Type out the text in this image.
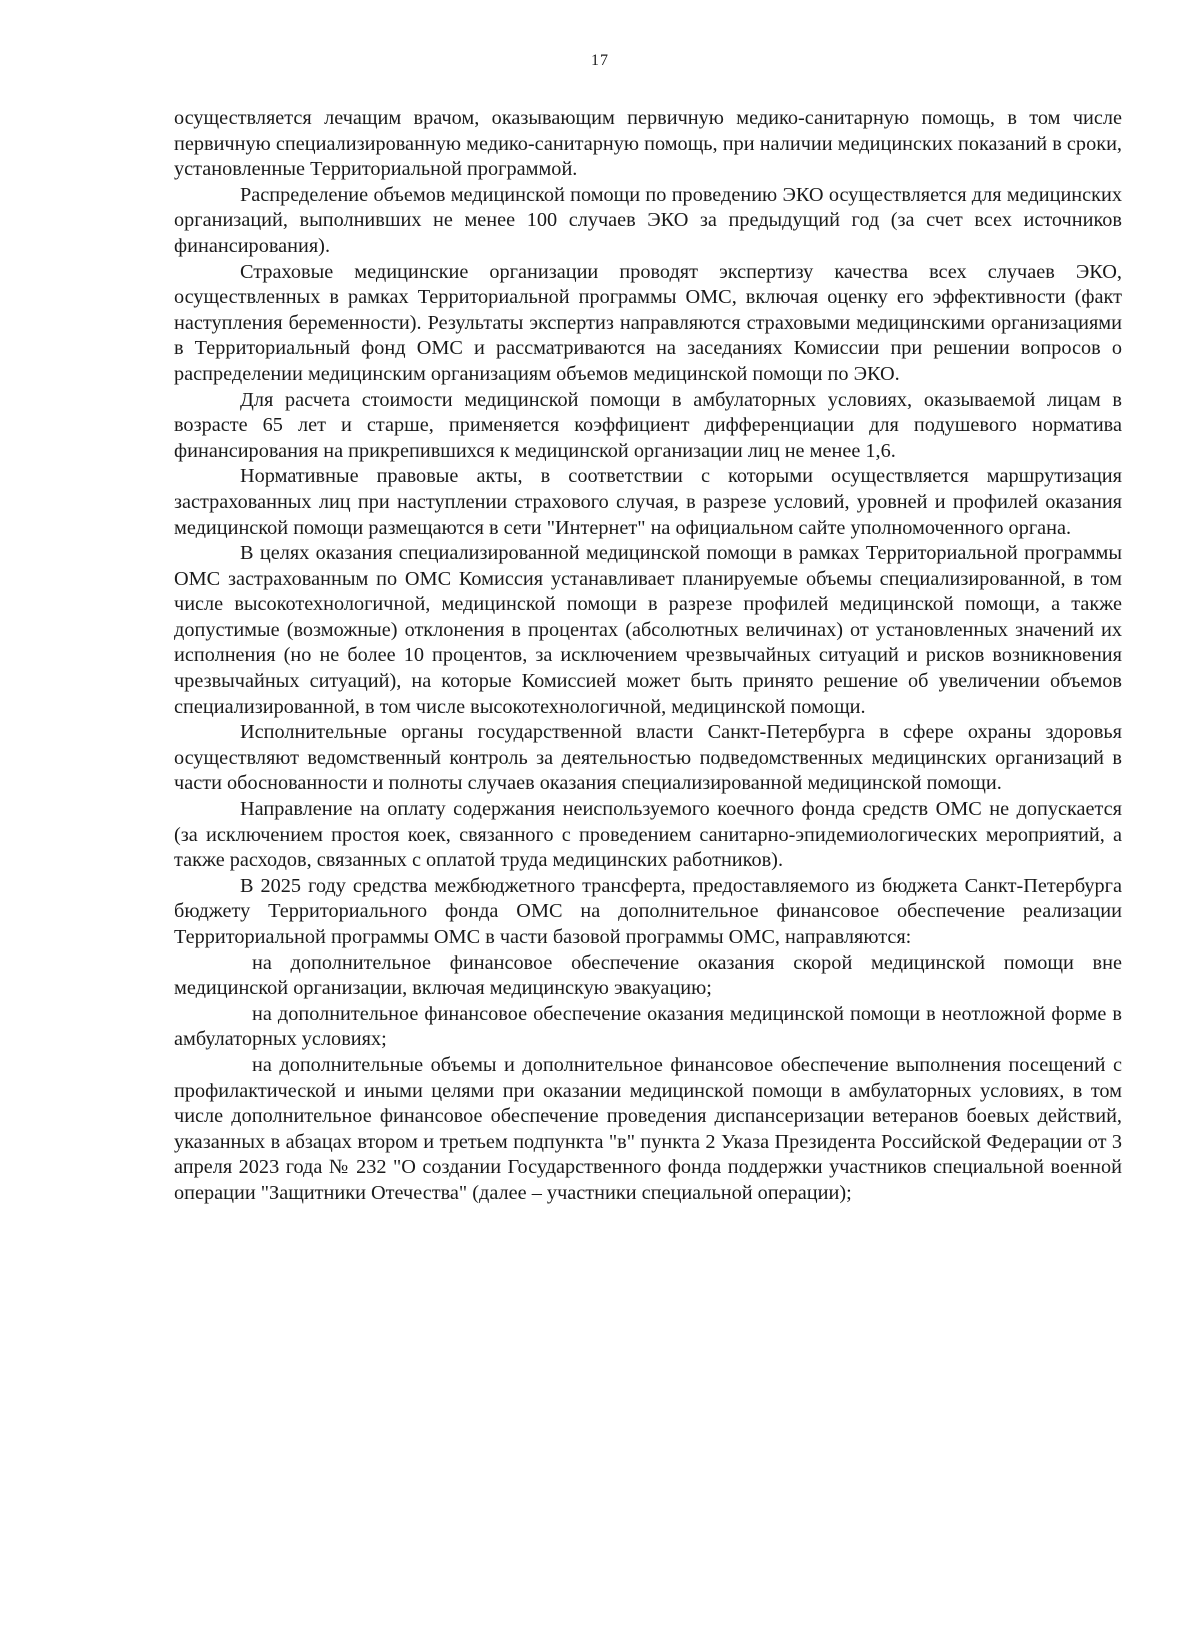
17

осуществляется лечащим врачом, оказывающим первичную медико-санитарную помощь, в том числе первичную специализированную медико-санитарную помощь, при наличии медицинских показаний в сроки, установленные Территориальной программой.

Распределение объемов медицинской помощи по проведению ЭКО осуществляется для медицинских организаций, выполнивших не менее 100 случаев ЭКО за предыдущий год (за счет всех источников финансирования).

Страховые медицинские организации проводят экспертизу качества всех случаев ЭКО, осуществленных в рамках Территориальной программы ОМС, включая оценку его эффективности (факт наступления беременности). Результаты экспертиз направляются страховыми медицинскими организациями в Территориальный фонд ОМС и рассматриваются на заседаниях Комиссии при решении вопросов о распределении медицинским организациям объемов медицинской помощи по ЭКО.

Для расчета стоимости медицинской помощи в амбулаторных условиях, оказываемой лицам в возрасте 65 лет и старше, применяется коэффициент дифференциации для подушевого норматива финансирования на прикрепившихся к медицинской организации лиц не менее 1,6.

Нормативные правовые акты, в соответствии с которыми осуществляется маршрутизация застрахованных лиц при наступлении страхового случая, в разрезе условий, уровней и профилей оказания медицинской помощи размещаются в сети "Интернет" на официальном сайте уполномоченного органа.

В целях оказания специализированной медицинской помощи в рамках Территориальной программы ОМС застрахованным по ОМС Комиссия устанавливает планируемые объемы специализированной, в том числе высокотехнологичной, медицинской помощи в разрезе профилей медицинской помощи, а также допустимые (возможные) отклонения в процентах (абсолютных величинах) от установленных значений их исполнения (но не более 10 процентов, за исключением чрезвычайных ситуаций и рисков возникновения чрезвычайных ситуаций), на которые Комиссией может быть принято решение об увеличении объемов специализированной, в том числе высокотехнологичной, медицинской помощи.

Исполнительные органы государственной власти Санкт-Петербурга в сфере охраны здоровья осуществляют ведомственный контроль за деятельностью подведомственных медицинских организаций в части обоснованности и полноты случаев оказания специализированной медицинской помощи.

Направление на оплату содержания неиспользуемого коечного фонда средств ОМС не допускается (за исключением простоя коек, связанного с проведением санитарно-эпидемиологических мероприятий, а также расходов, связанных с оплатой труда медицинских работников).

В 2025 году средства межбюджетного трансферта, предоставляемого из бюджета Санкт-Петербурга бюджету Территориального фонда ОМС на дополнительное финансовое обеспечение реализации Территориальной программы ОМС в части базовой программы ОМС, направляются:

на дополнительное финансовое обеспечение оказания скорой медицинской помощи вне медицинской организации, включая медицинскую эвакуацию;

на дополнительное финансовое обеспечение оказания медицинской помощи в неотложной форме в амбулаторных условиях;

на дополнительные объемы и дополнительное финансовое обеспечение выполнения посещений с профилактической и иными целями при оказании медицинской помощи в амбулаторных условиях, в том числе дополнительное финансовое обеспечение проведения диспансеризации ветеранов боевых действий, указанных в абзацах втором и третьем подпункта "в" пункта 2 Указа Президента Российской Федерации от 3 апреля 2023 года № 232 "О создании Государственного фонда поддержки участников специальной военной операции "Защитники Отечества" (далее – участники специальной операции);
